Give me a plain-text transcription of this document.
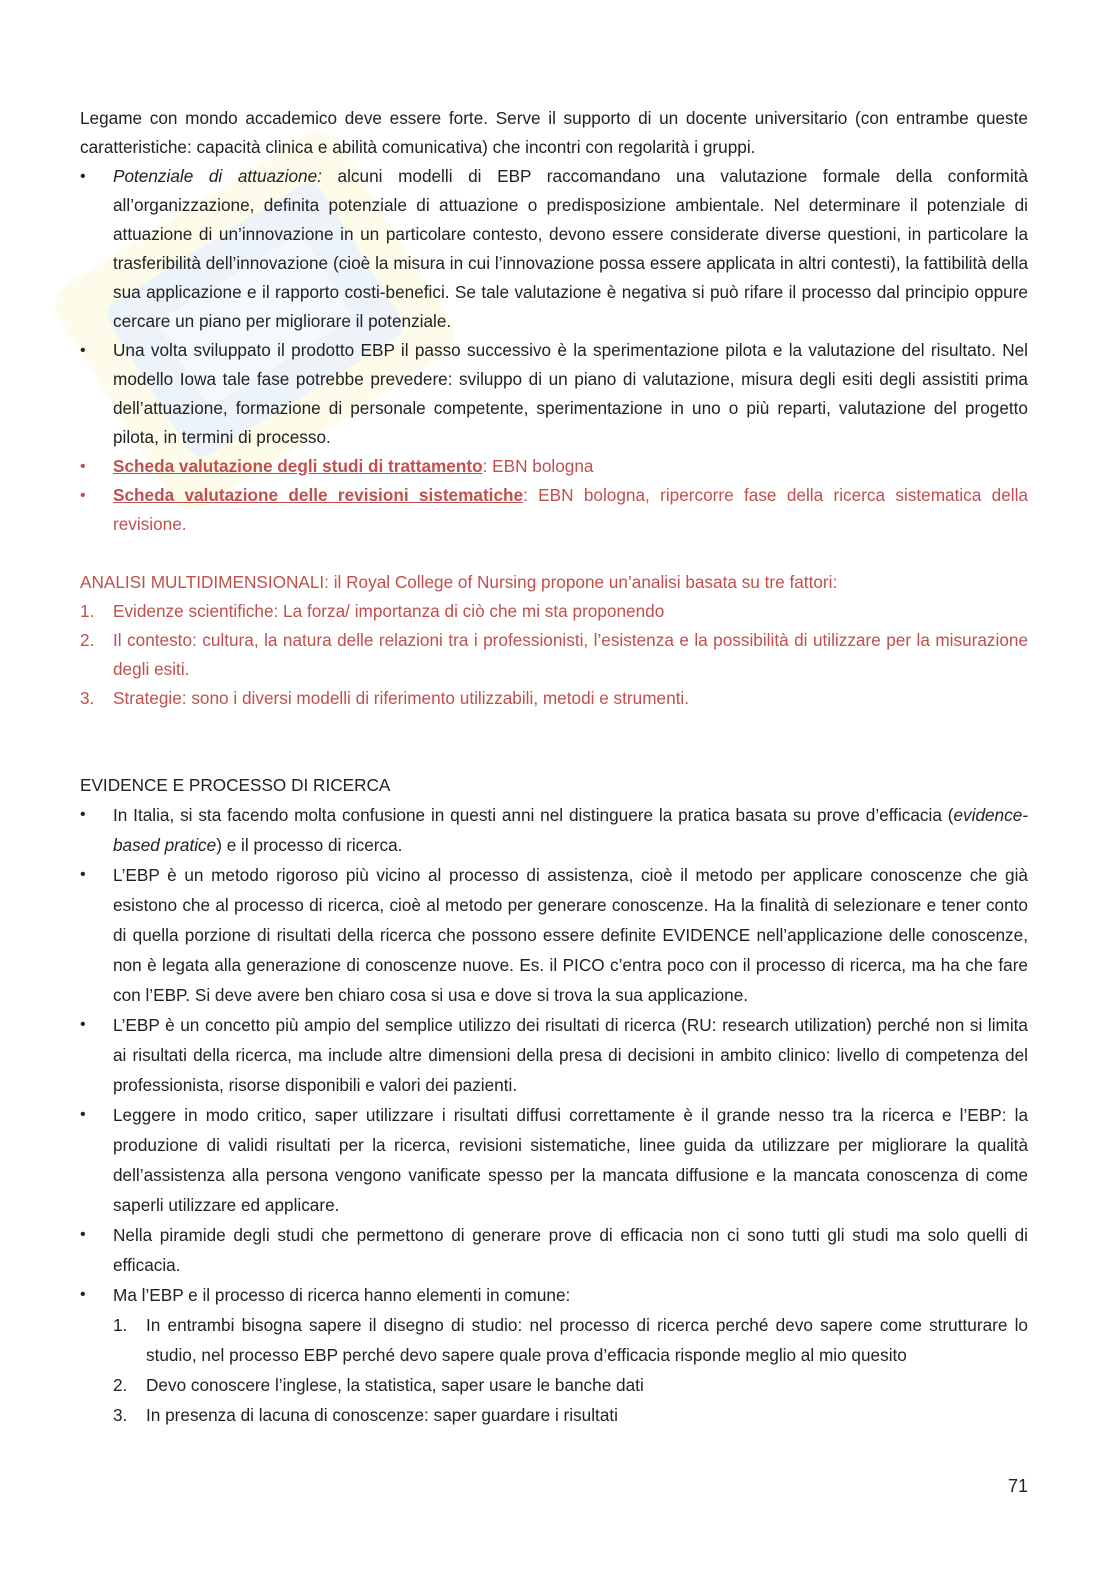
Legame con mondo accademico deve essere forte. Serve il supporto di un docente universitario (con entrambe queste caratteristiche: capacità clinica e abilità comunicativa) che incontri con regolarità i gruppi.

• Potenziale di attuazione: alcuni modelli di EBP raccomandano una valutazione formale della conformità all’organizzazione, definita potenziale di attuazione o predisposizione ambientale. Nel determinare il potenziale di attuazione di un’innovazione in un particolare contesto, devono essere considerate diverse questioni, in particolare la trasferibilità dell’innovazione (cioè la misura in cui l’innovazione possa essere applicata in altri contesti), la fattibilità della sua applicazione e il rapporto costi-benefici. Se tale valutazione è negativa si può rifare il processo dal principio oppure cercare un piano per migliorare il potenziale.
• Una volta sviluppato il prodotto EBP il passo successivo è la sperimentazione pilota e la valutazione del risultato. Nel modello Iowa tale fase potrebbe prevedere: sviluppo di un piano di valutazione, misura degli esiti degli assistiti prima dell’attuazione, formazione di personale competente, sperimentazione in uno o più reparti, valutazione del progetto pilota, in termini di processo.
• Scheda valutazione degli studi di trattamento: EBN bologna
• Scheda valutazione delle revisioni sistematiche: EBN bologna, ripercorre fase della ricerca sistematica della revisione.

ANALISI MULTIDIMENSIONALI: il Royal College of Nursing propone un’analisi basata su tre fattori:

1. Evidenze scientifiche: La forza/ importanza di ciò che mi sta proponendo
2. Il contesto: cultura, la natura delle relazioni tra i professionisti, l’esistenza e la possibilità di utilizzare per la misurazione degli esiti.
3. Strategie: sono i diversi modelli di riferimento utilizzabili, metodi e strumenti.

EVIDENCE E PROCESSO DI RICERCA

• In Italia, si sta facendo molta confusione in questi anni nel distinguere la pratica basata su prove d’efficacia (evidence-based pratice) e il processo di ricerca.
• L’EBP è un metodo rigoroso più vicino al processo di assistenza, cioè il metodo per applicare conoscenze che già esistono che al processo di ricerca, cioè al metodo per generare conoscenze. Ha la finalità di selezionare e tener conto di quella porzione di risultati della ricerca che possono essere definite EVIDENCE nell’applicazione delle conoscenze, non è legata alla generazione di conoscenze nuove. Es. il PICO c’entra poco con il processo di ricerca, ma ha che fare con l’EBP. Si deve avere ben chiaro cosa si usa e dove si trova la sua applicazione.
• L’EBP è un concetto più ampio del semplice utilizzo dei risultati di ricerca (RU: research utilization) perché non si limita ai risultati della ricerca, ma include altre dimensioni della presa di decisioni in ambito clinico: livello di competenza del professionista, risorse disponibili e valori dei pazienti.
• Leggere in modo critico, saper utilizzare i risultati diffusi correttamente è il grande nesso tra la ricerca e l’EBP: la produzione di validi risultati per la ricerca, revisioni sistematiche, linee guida da utilizzare per migliorare la qualità dell’assistenza alla persona vengono vanificate spesso per la mancata diffusione e la mancata conoscenza di come saperli utilizzare ed applicare.
• Nella piramide degli studi che permettono di generare prove di efficacia non ci sono tutti gli studi ma solo quelli di efficacia.
• Ma l’EBP e il processo di ricerca hanno elementi in comune:
1. In entrambi bisogna sapere il disegno di studio: nel processo di ricerca perché devo sapere come strutturare lo studio, nel processo EBP perché devo sapere quale prova d’efficacia risponde meglio al mio quesito
2. Devo conoscere l’inglese, la statistica, saper usare le banche dati
3. In presenza di lacuna di conoscenze: saper guardare i risultati
71
